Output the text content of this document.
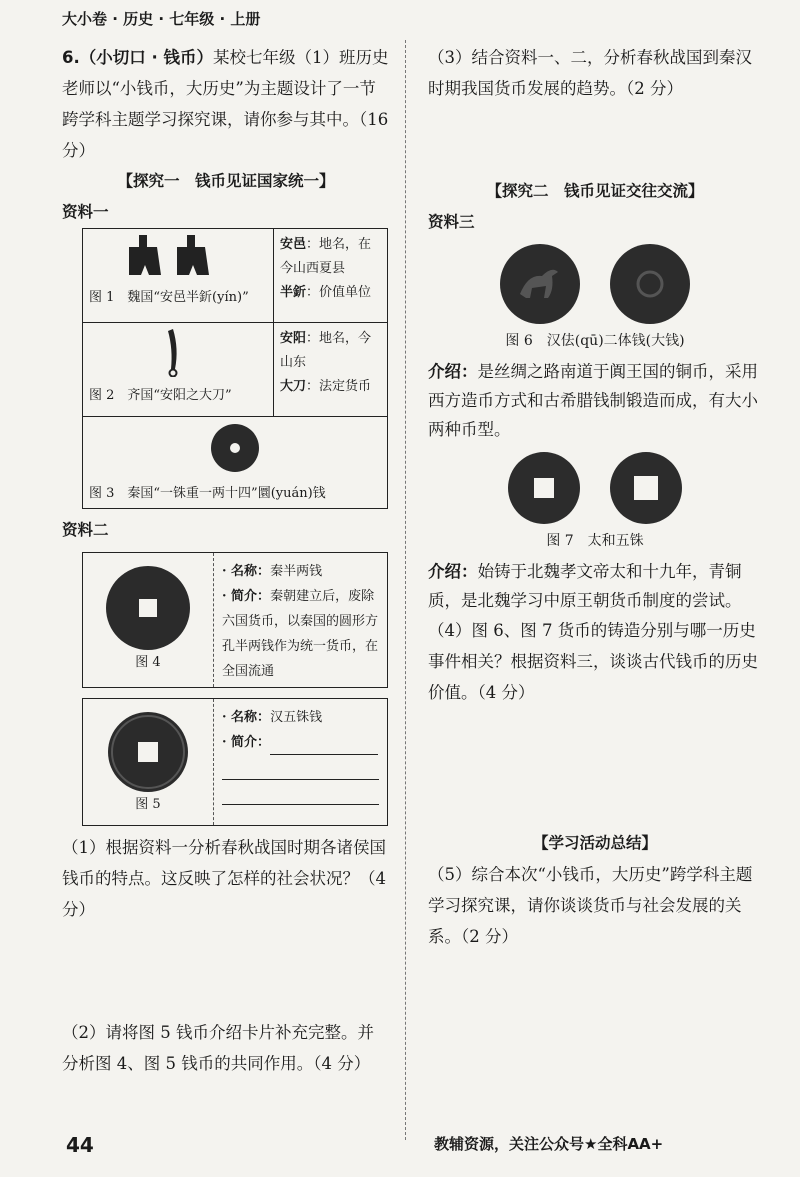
大小卷 · 历史 · 七年级 · 上册

6.（小切口 · 钱币）某校七年级（1）班历史老师以“小钱币，大历史”为主题设计了一节跨学科主题学习探究课，请你参与其中。（16 分）

【探究一　钱币见证国家统一】
资料一
图 1　魏国“安邑半釿(yín)”	安邑：地名，在今山西夏县
半釿：价值单位

图 2　齐国“安阳之大刀”	安阳：地名，今山东
大刀：法定货币

图 3　秦国“一铢重一两十四”圜(yuán)钱	
资料二
图 4
· 名称：秦半两钱
· 简介：秦朝建立后，废除六国货币，以秦国的圆形方孔半两钱作为统一货币，在全国流通
图 5
· 名称：汉五铢钱
· 简介：

（1）根据资料一分析春秋战国时期各诸侯国钱币的特点。这反映了怎样的社会状况？（4 分）

（2）请将图 5 钱币介绍卡片补充完整。并分析图 4、图 5 钱币的共同作用。（4 分）

（3）结合资料一、二，分析春秋战国到秦汉时期我国货币发展的趋势。（2 分）

【探究二　钱币见证交往交流】
资料三
图 6　汉佉(qū)二体钱(大钱)

介绍：是丝绸之路南道于阗王国的铜币，采用西方造币方式和古希腊钱制锻造而成，有大小两种币型。

图 7　太和五铢

介绍：始铸于北魏孝文帝太和十九年，青铜质，是北魏学习中原王朝货币制度的尝试。

（4）图 6、图 7 货币的铸造分别与哪一历史事件相关？根据资料三，谈谈古代钱币的历史价值。（4 分）

【学习活动总结】

（5）综合本次“小钱币，大历史”跨学科主题学习探究课，请你谈谈货币与社会发展的关系。（2 分）

44	教辅资源，关注公众号★全科AA+
